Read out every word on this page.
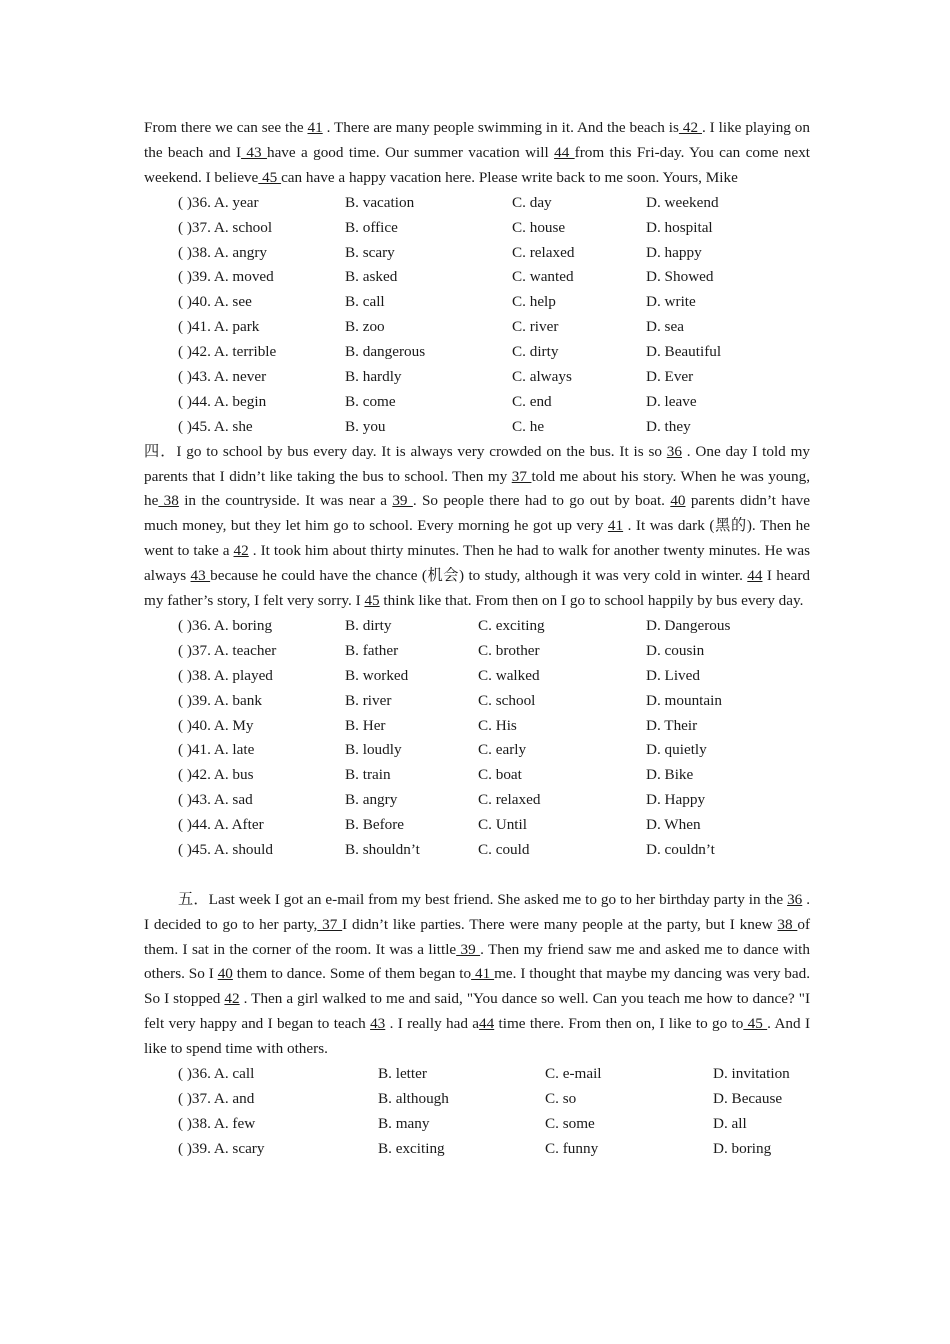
From there we can see the 41 . There are many people swimming in it. And the beach is 42 . I like playing on the beach and I 43 have a good time. Our summer vacation will 44 from this Fri-day. You can come next weekend. I believe 45 can have a happy vacation here. Please write back to me soon. Yours, Mike

( )36. A. year	B. vacation	C. day	D. weekend
( )37. A. school	B. office	C. house	D. hospital
( )38. A. angry	B. scary	C. relaxed	D. happy
( )39. A. moved	B. asked	C. wanted	D. Showed
( )40. A. see	B. call	C. help	D. write
( )41. A. park	B. zoo	C. river	D. sea
( )42. A. terrible	B. dangerous	C. dirty	D. Beautiful
( )43. A. never	B. hardly	C. always	D. Ever
( )44. A. begin	B. come	C. end	D. leave
( )45. A. she	B. you	C. he	D. they

四．I go to school by bus every day. It is always very crowded on the bus. It is so 36 . One day I told my parents that I didn’t like taking the bus to school. Then my 37 told me about his story. When he was young, he 38 in the countryside. It was near a 39 . So people there had to go out by boat. 40 parents didn’t have much money, but they let him go to school. Every morning he got up very 41 . It was dark (黑的). Then he went to take a 42 . It took him about thirty minutes. Then he had to walk for another twenty minutes. He was always 43 because he could have the chance (机会) to study, although it was very cold in winter. 44 I heard my father’s story, I felt very sorry. I 45 think like that. From then on I go to school happily by bus every day.

( )36. A. boring	B. dirty	C. exciting	D. Dangerous
( )37. A. teacher	B. father	C. brother	D. cousin
( )38. A. played	B. worked	C. walked	D. Lived
( )39. A. bank	B. river	C. school	D. mountain
( )40. A. My	B. Her	C. His	D. Their
( )41. A. late	B. loudly	C. early	D. quietly
( )42. A. bus	B. train	C. boat	D. Bike
( )43. A. sad	B. angry	C. relaxed	D. Happy
( )44. A. After	B. Before	C. Until	D. When
( )45. A. should	B. shouldn’t	C. could	D. couldn’t

五．Last week I got an e-mail from my best friend. She asked me to go to her birthday party in the 36 . I decided to go to her party, 37 I didn’t like parties. There were many people at the party, but I knew 38 of them. I sat in the corner of the room. It was a little 39 . Then my friend saw me and asked me to dance with others. So I 40 them to dance. Some of them began to 41 me. I thought that maybe my dancing was very bad. So I stopped 42 . Then a girl walked to me and said, "You dance so well. Can you teach me how to dance? "I felt very happy and I began to teach 43 . I really had a44 time there. From then on, I like to go to 45 . And I like to spend time with others.

( )36. A. call	B. letter	C. e-mail	D. invitation
( )37. A. and	B. although	C. so	D. Because
( )38. A. few	B. many	C. some	D. all
( )39. A. scary	B. exciting	C. funny	D. boring
